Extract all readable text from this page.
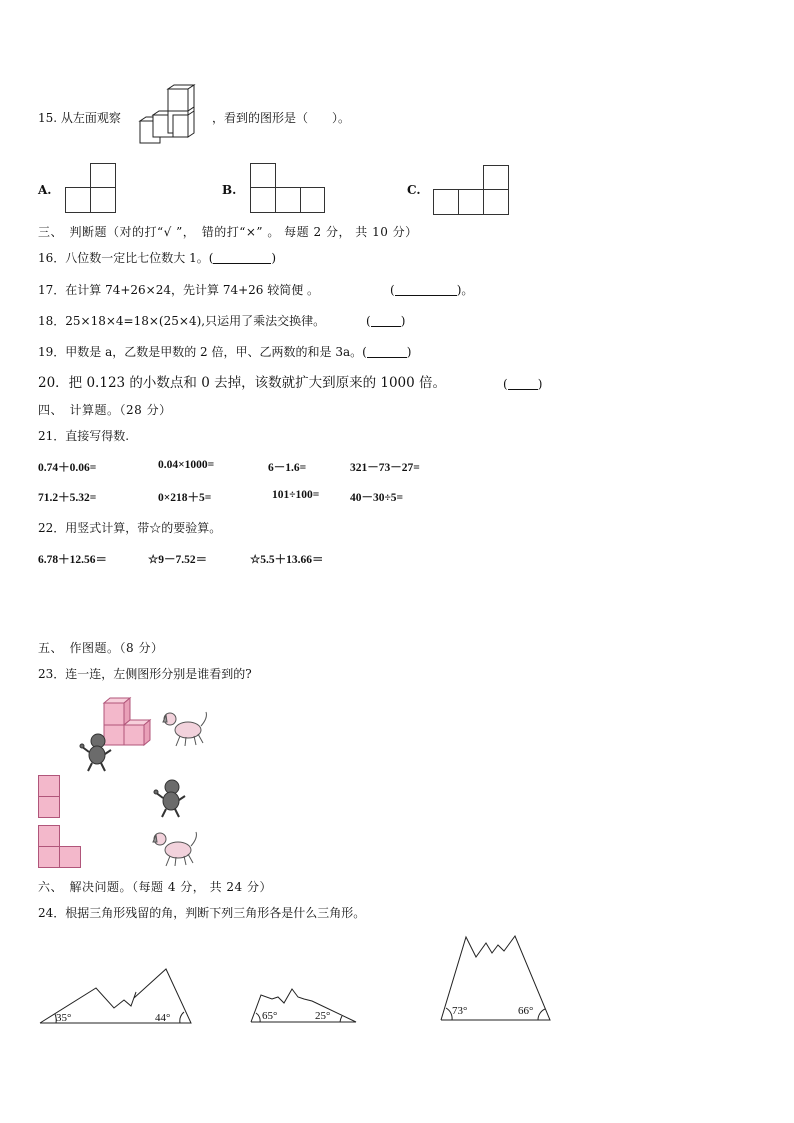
15. 从左面观察	，看到的图形是（　　）。
A.	B.	C.
三、　判断题（对的打“√ ”，　错的打“×” 。 每题 2 分， 共 10 分）
16．八位数一定比七位数大 1。(	)
17．在计算 74+26×24，先计算 74+26 较简便 。	(	)。
18．25×18×4=18×(25×4),只运用了乘法交换律。	(	)
19．甲数是 a，乙数是甲数的 2 倍，甲、乙两数的和是 3a。(	)
20．把 0.123 的小数点和 0 去掉，该数就扩大到原来的 1000 倍。	(	)
四、　计算题。（28 分）
21．直接写得数.
0.74＋0.06=	0.04×1000=	6－1.6=	321－73－27=
71.2＋5.32=	0×218＋5=	101÷100=	40－30÷5=
22．用竖式计算，带☆的要验算。
6.78＋12.56＝	☆9－7.52＝	☆5.5＋13.66＝
五、　作图题。（8 分）
23．连一连，左侧图形分别是谁看到的?
六、　解决问题。（每题 4 分， 共 24 分）
24．根据三角形残留的角，判断下列三角形各是什么三角形。
35°	44°	65°	25°	73°	66°
